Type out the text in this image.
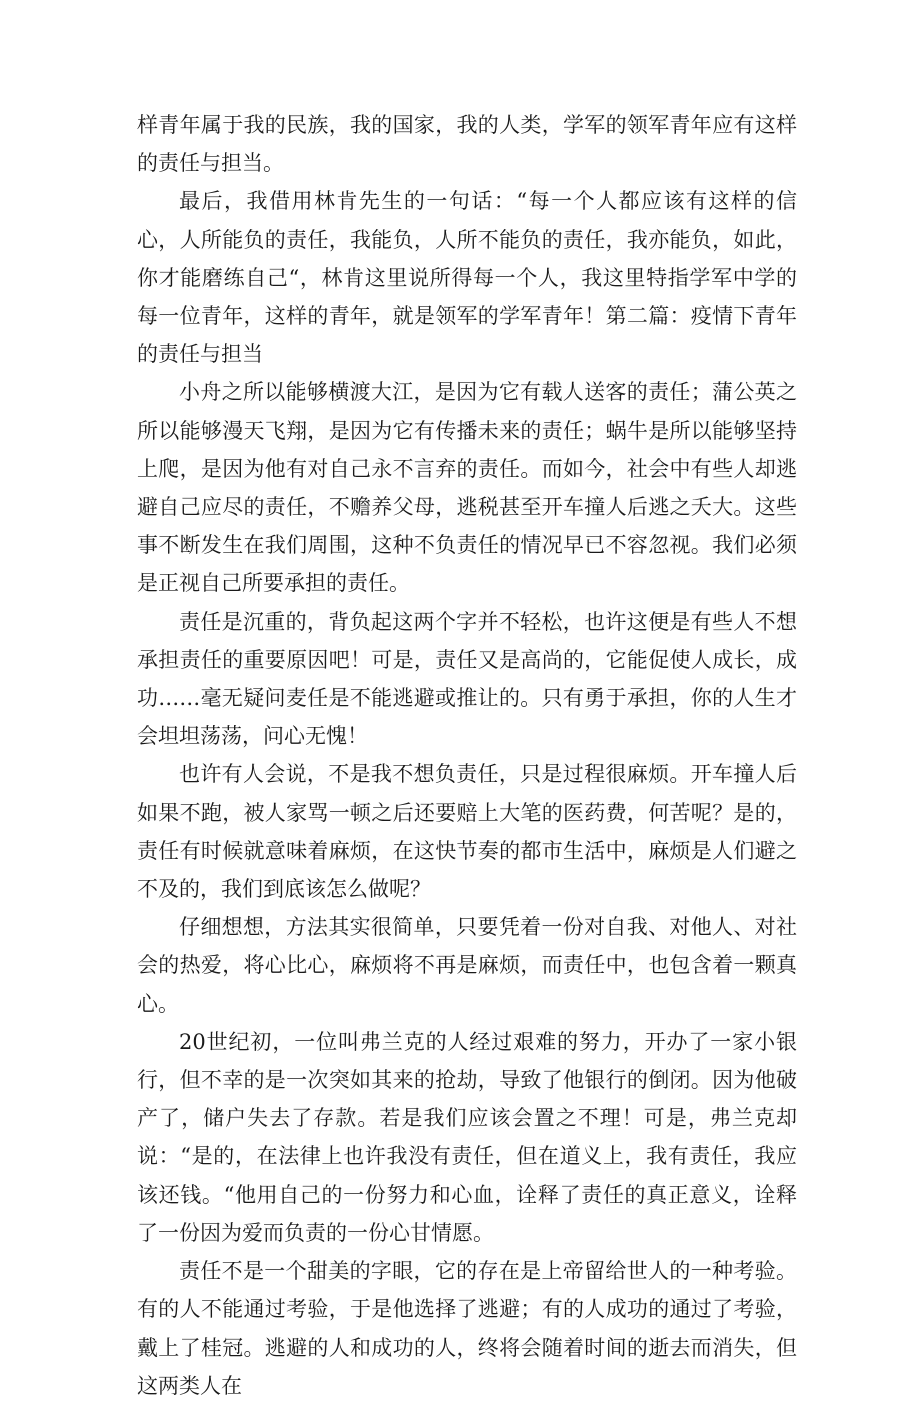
样青年属于我的民族，我的国家，我的人类，学军的领军青年应有这样的责任与担当。

最后，我借用林肯先生的一句话：“每一个人都应该有这样的信心，人所能负的责任，我能负，人所不能负的责任，我亦能负，如此，你才能磨练自己“，林肯这里说所得每一个人，我这里特指学军中学的每一位青年，这样的青年，就是领军的学军青年！第二篇：疫情下青年的责任与担当

小舟之所以能够横渡大江，是因为它有载人送客的责任；蒲公英之所以能够漫天飞翔，是因为它有传播未来的责任；蜗牛是所以能够坚持上爬，是因为他有对自己永不言弃的责任。而如今，社会中有些人却逃避自己应尽的责任，不赡养父母，逃税甚至开车撞人后逃之夭大。这些事不断发生在我们周围，这种不负责任的情况早已不容忽视。我们必须是正视自己所要承担的责任。

责任是沉重的，背负起这两个字并不轻松，也许这便是有些人不想承担责任的重要原因吧！可是，责任又是高尚的，它能促使人成长，成功……毫无疑问麦任是不能逃避或推让的。只有勇于承担，你的人生才会坦坦荡荡，问心无愧！

也许有人会说，不是我不想负责任，只是过程很麻烦。开车撞人后如果不跑，被人家骂一顿之后还要赔上大笔的医药费，何苦呢？是的，责任有时候就意味着麻烦，在这快节奏的都市生活中，麻烦是人们避之不及的，我们到底该怎么做呢？

仔细想想，方法其实很简单，只要凭着一份对自我、对他人、对社会的热爱，将心比心，麻烦将不再是麻烦，而责任中，也包含着一颗真心。

20世纪初，一位叫弗兰克的人经过艰难的努力，开办了一家小银行，但不幸的是一次突如其来的抢劫，导致了他银行的倒闭。因为他破产了，储户失去了存款。若是我们应该会置之不理！可是，弗兰克却说：“是的，在法律上也许我没有责任，但在道义上，我有责任，我应该还钱。“他用自己的一份努力和心血，诠释了责任的真正意义，诠释了一份因为爱而负责的一份心甘情愿。

责任不是一个甜美的字眼，它的存在是上帝留给世人的一种考验。有的人不能通过考验，于是他选择了逃避；有的人成功的通过了考验，戴上了桂冠。逃避的人和成功的人，终将会随着时间的逝去而消失，但这两类人在
